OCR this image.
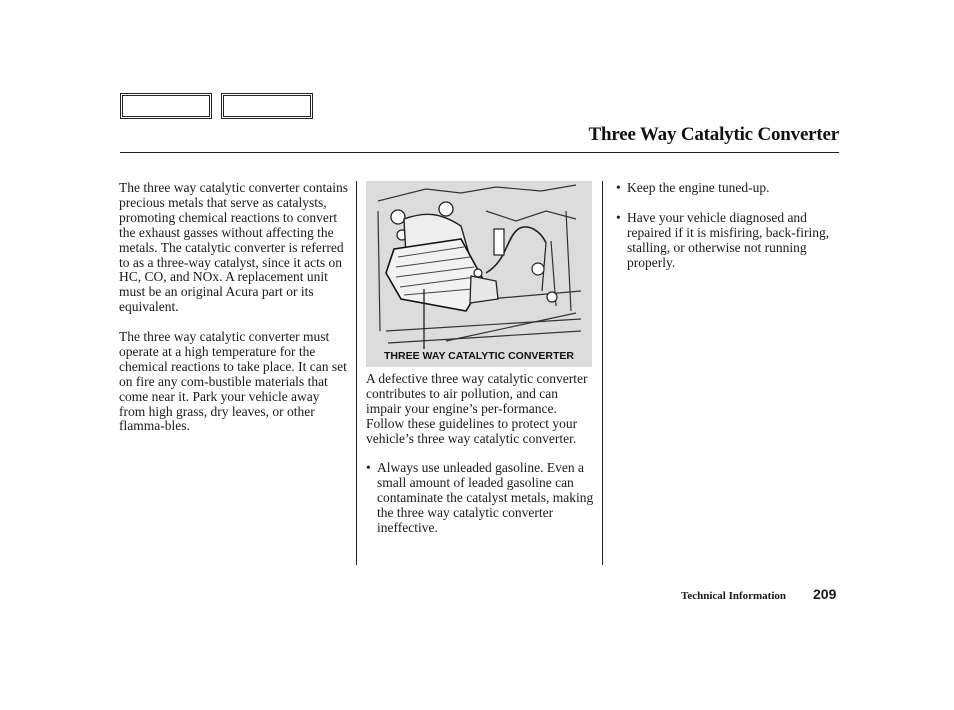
Three Way Catalytic Converter

The three way catalytic converter contains precious metals that serve as catalysts, promoting chemical reactions to convert the exhaust gasses without affecting the metals. The catalytic converter is referred to as a three-way catalyst, since it acts on HC, CO, and NOx. A replacement unit must be an original Acura part or its equivalent.

The three way catalytic converter must operate at a high temperature for the chemical reactions to take place. It can set on fire any com-bustible materials that come near it. Park your vehicle away from high grass, dry leaves, or other flamma-bles.

THREE WAY CATALYTIC CONVERTER

A defective three way catalytic converter contributes to air pollution, and can impair your engine’s per-formance. Follow these guidelines to protect your vehicle’s three way catalytic converter.

• Always use unleaded gasoline. Even a small amount of leaded gasoline can contaminate the catalyst metals, making the three way catalytic converter ineffective.
• Keep the engine tuned-up.
• Have your vehicle diagnosed and repaired if it is misfiring, back-firing, stalling, or otherwise not running properly.
Technical Information 209
